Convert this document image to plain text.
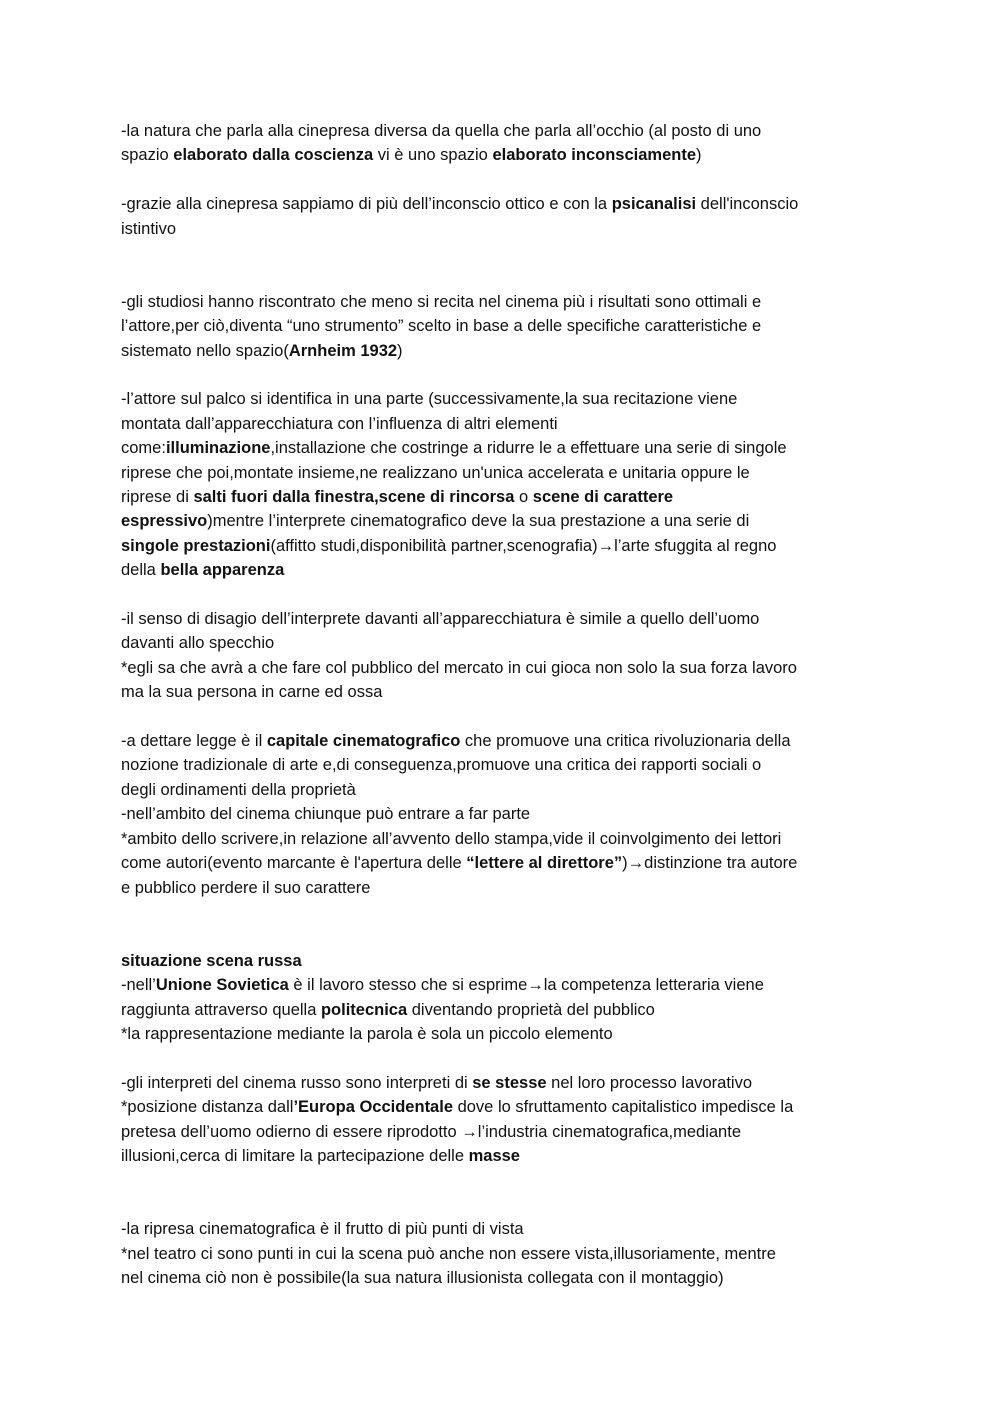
-la natura che parla alla cinepresa diversa da quella che parla all’occhio (al posto di uno
spazio elaborato dalla coscienza vi è uno spazio elaborato inconsciamente)
-grazie alla cinepresa sappiamo di più dell’inconscio ottico e con la psicanalisi dell'inconscio
istintivo
-gli studiosi hanno riscontrato che meno si recita nel cinema più i risultati sono ottimali e
l’attore,per ciò,diventa “uno strumento” scelto in base a delle specifiche caratteristiche e
sistemato nello spazio(Arnheim 1932)
-l’attore sul palco si identifica in una parte (successivamente,la sua recitazione viene
montata dall’apparecchiatura con l’influenza di altri elementi
come:illuminazione,installazione che costringe a ridurre le a effettuare una serie di singole
riprese che poi,montate insieme,ne realizzano un'unica accelerata e unitaria oppure le
riprese di salti fuori dalla finestra,scene di rincorsa o scene di carattere
espressivo)mentre l’interprete cinematografico deve la sua prestazione a una serie di
singole prestazioni(affitto studi,disponibilità partner,scenografia)→l’arte sfuggita al regno
della bella apparenza
-il senso di disagio dell’interprete davanti all’apparecchiatura è simile a quello dell’uomo
davanti allo specchio
*egli sa che avrà a che fare col pubblico del mercato in cui gioca non solo la sua forza lavoro
ma la sua persona in carne ed ossa
-a dettare legge è il capitale cinematografico che promuove una critica rivoluzionaria della
nozione tradizionale di arte e,di conseguenza,promuove una critica dei rapporti sociali o
degli ordinamenti della proprietà
-nell’ambito del cinema chiunque può entrare a far parte
*ambito dello scrivere,in relazione all’avvento dello stampa,vide il coinvolgimento dei lettori
come autori(evento marcante è l'apertura delle “lettere al direttore”)→distinzione tra autore
e pubblico perdere il suo carattere
situazione scena russa
-nell’Unione Sovietica è il lavoro stesso che si esprime→la competenza letteraria viene
raggiunta attraverso quella politecnica diventando proprietà del pubblico
*la rappresentazione mediante la parola è sola un piccolo elemento
-gli interpreti del cinema russo sono interpreti di se stesse nel loro processo lavorativo
*posizione distanza dall’Europa Occidentale dove lo sfruttamento capitalistico impedisce la
pretesa dell’uomo odierno di essere riprodotto →l’industria cinematografica,mediante
illusioni,cerca di limitare la partecipazione delle masse
-la ripresa cinematografica è il frutto di più punti di vista
*nel teatro ci sono punti in cui la scena può anche non essere vista,illusoriamente, mentre
nel cinema ciò non è possibile(la sua natura illusionista collegata con il montaggio)
